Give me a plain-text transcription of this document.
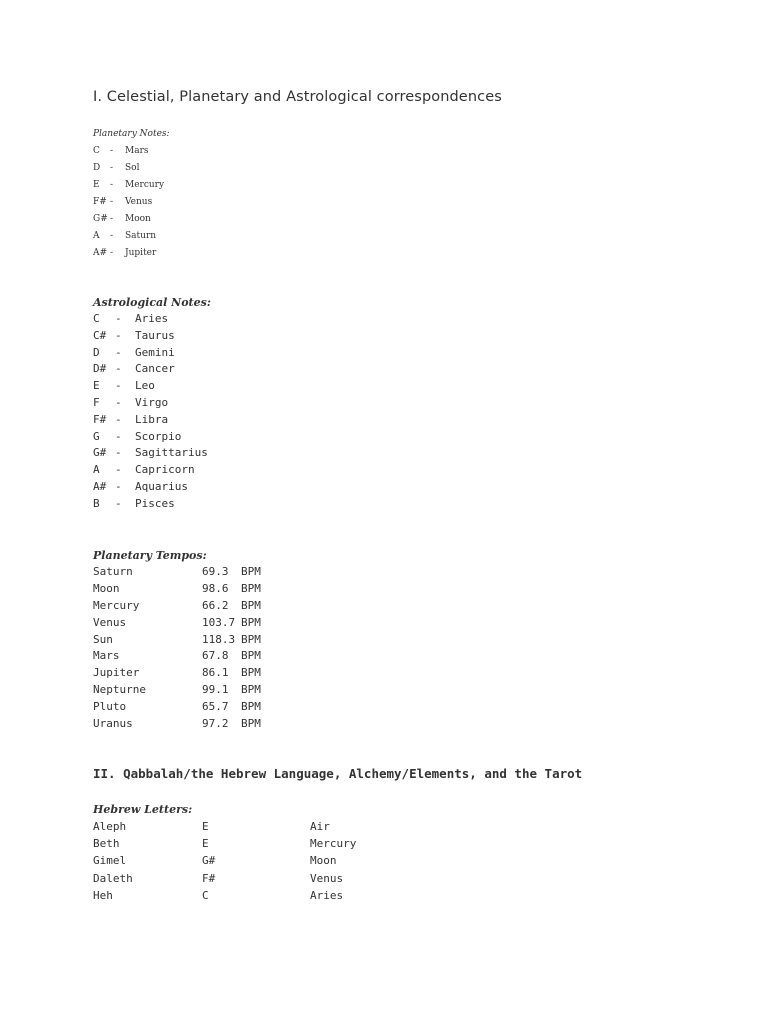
I. Celestial, Planetary and Astrological correspondences
Planetary Notes:
C - Mars
D - Sol
E - Mercury
F# - Venus
G# - Moon
A - Saturn
A# - Jupiter
Astrological Notes:
C - Aries
C# - Taurus
D - Gemini
D# - Cancer
E - Leo
F - Virgo
F# - Libra
G - Scorpio
G# - Sagittarius
A - Capricorn
A# - Aquarius
B - Pisces
Planetary Tempos:
Saturn	69.3 BPM
Moon	98.6 BPM
Mercury	66.2 BPM
Venus	103.7 BPM
Sun	118.3 BPM
Mars	67.8 BPM
Jupiter	86.1 BPM
Nepturne	99.1 BPM
Pluto	65.7 BPM
Uranus	97.2 BPM
II. Qabbalah/the Hebrew Language, Alchemy/Elements, and the Tarot
Hebrew Letters:
Aleph	E	Air
Beth	E	Mercury
Gimel	G#	Moon
Daleth	F#	Venus
Heh	C	Aries
